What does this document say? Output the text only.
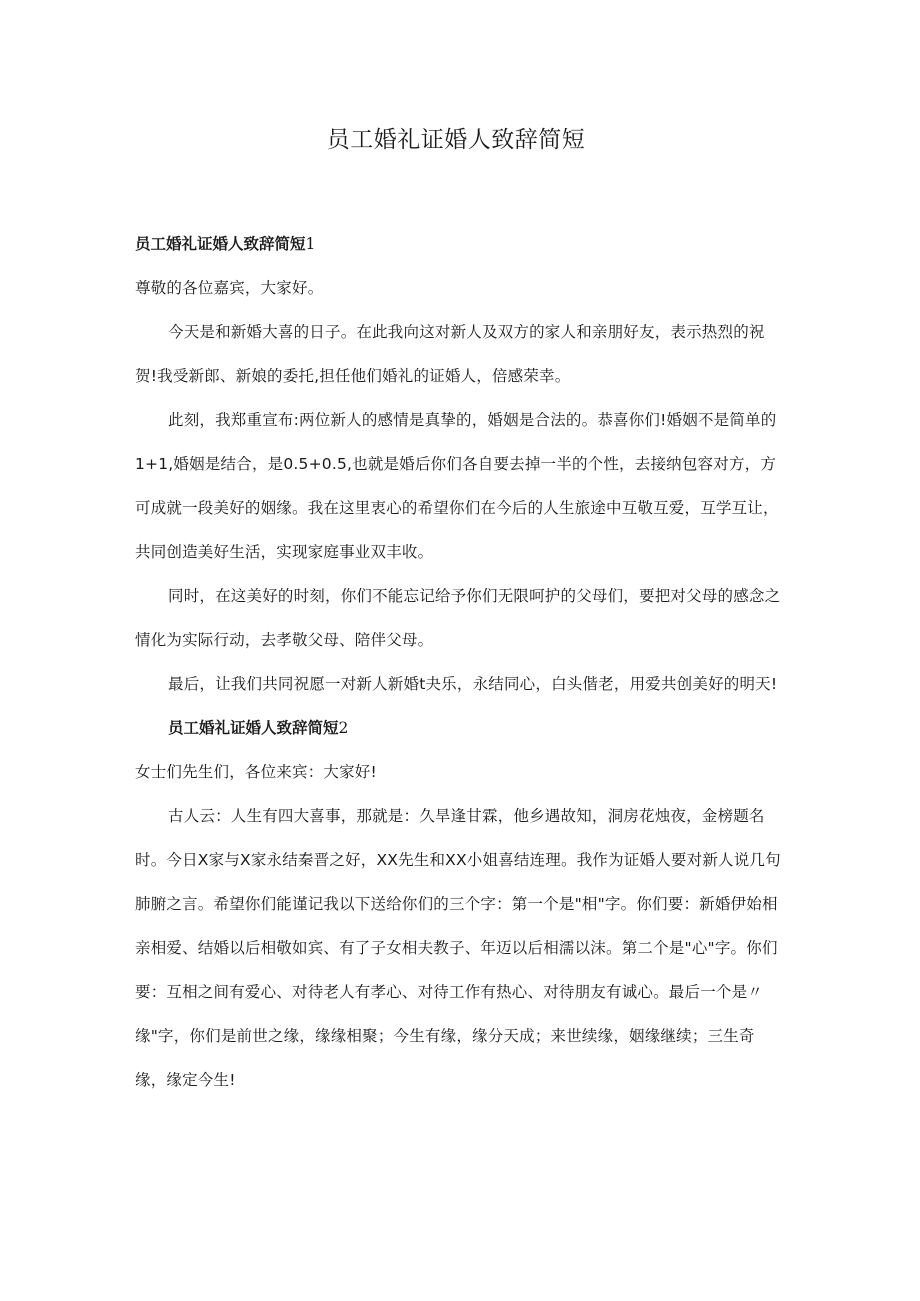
员工婚礼证婚人致辞简短

员工婚礼证婚人致辞简短1

尊敬的各位嘉宾，大家好。

今天是和新婚大喜的日子。在此我向这对新人及双方的家人和亲朋好友，表示热烈的祝贺!我受新郎、新娘的委托,担任他们婚礼的证婚人，倍感荣幸。

此刻，我郑重宣布:两位新人的感情是真挚的，婚姻是合法的。恭喜你们!婚姻不是简单的1+1,婚姻是结合，是0.5+0.5,也就是婚后你们各自要去掉一半的个性，去接纳包容对方，方可成就一段美好的姻缘。我在这里衷心的希望你们在今后的人生旅途中互敬互爱，互学互让，共同创造美好生活，实现家庭事业双丰收。

同时，在这美好的时刻，你们不能忘记给予你们无限呵护的父母们，要把对父母的感念之情化为实际行动，去孝敬父母、陪伴父母。

最后，让我们共同祝愿一对新人新婚t夬乐，永结同心，白头偕老，用爱共创美好的明天!

员工婚礼证婚人致辞简短2

女士们先生们，各位来宾：大家好!

古人云：人生有四大喜事，那就是：久旱逢甘霖，他乡遇故知，洞房花烛夜，金榜题名时。今日X家与X家永结秦晋之好，XX先生和XX小姐喜结连理。我作为证婚人要对新人说几句肺腑之言。希望你们能谨记我以下送给你们的三个字：第一个是"相"字。你们要：新婚伊始相亲相爱、结婚以后相敬如宾、有了子女相夫教子、年迈以后相濡以沫。第二个是"心"字。你们要：互相之间有爱心、对待老人有孝心、对待工作有热心、对待朋友有诚心。最后一个是〃缘"字，你们是前世之缘，缘缘相聚；今生有缘，缘分天成；来世续缘，姻缘继续；三生奇缘，缘定今生!
